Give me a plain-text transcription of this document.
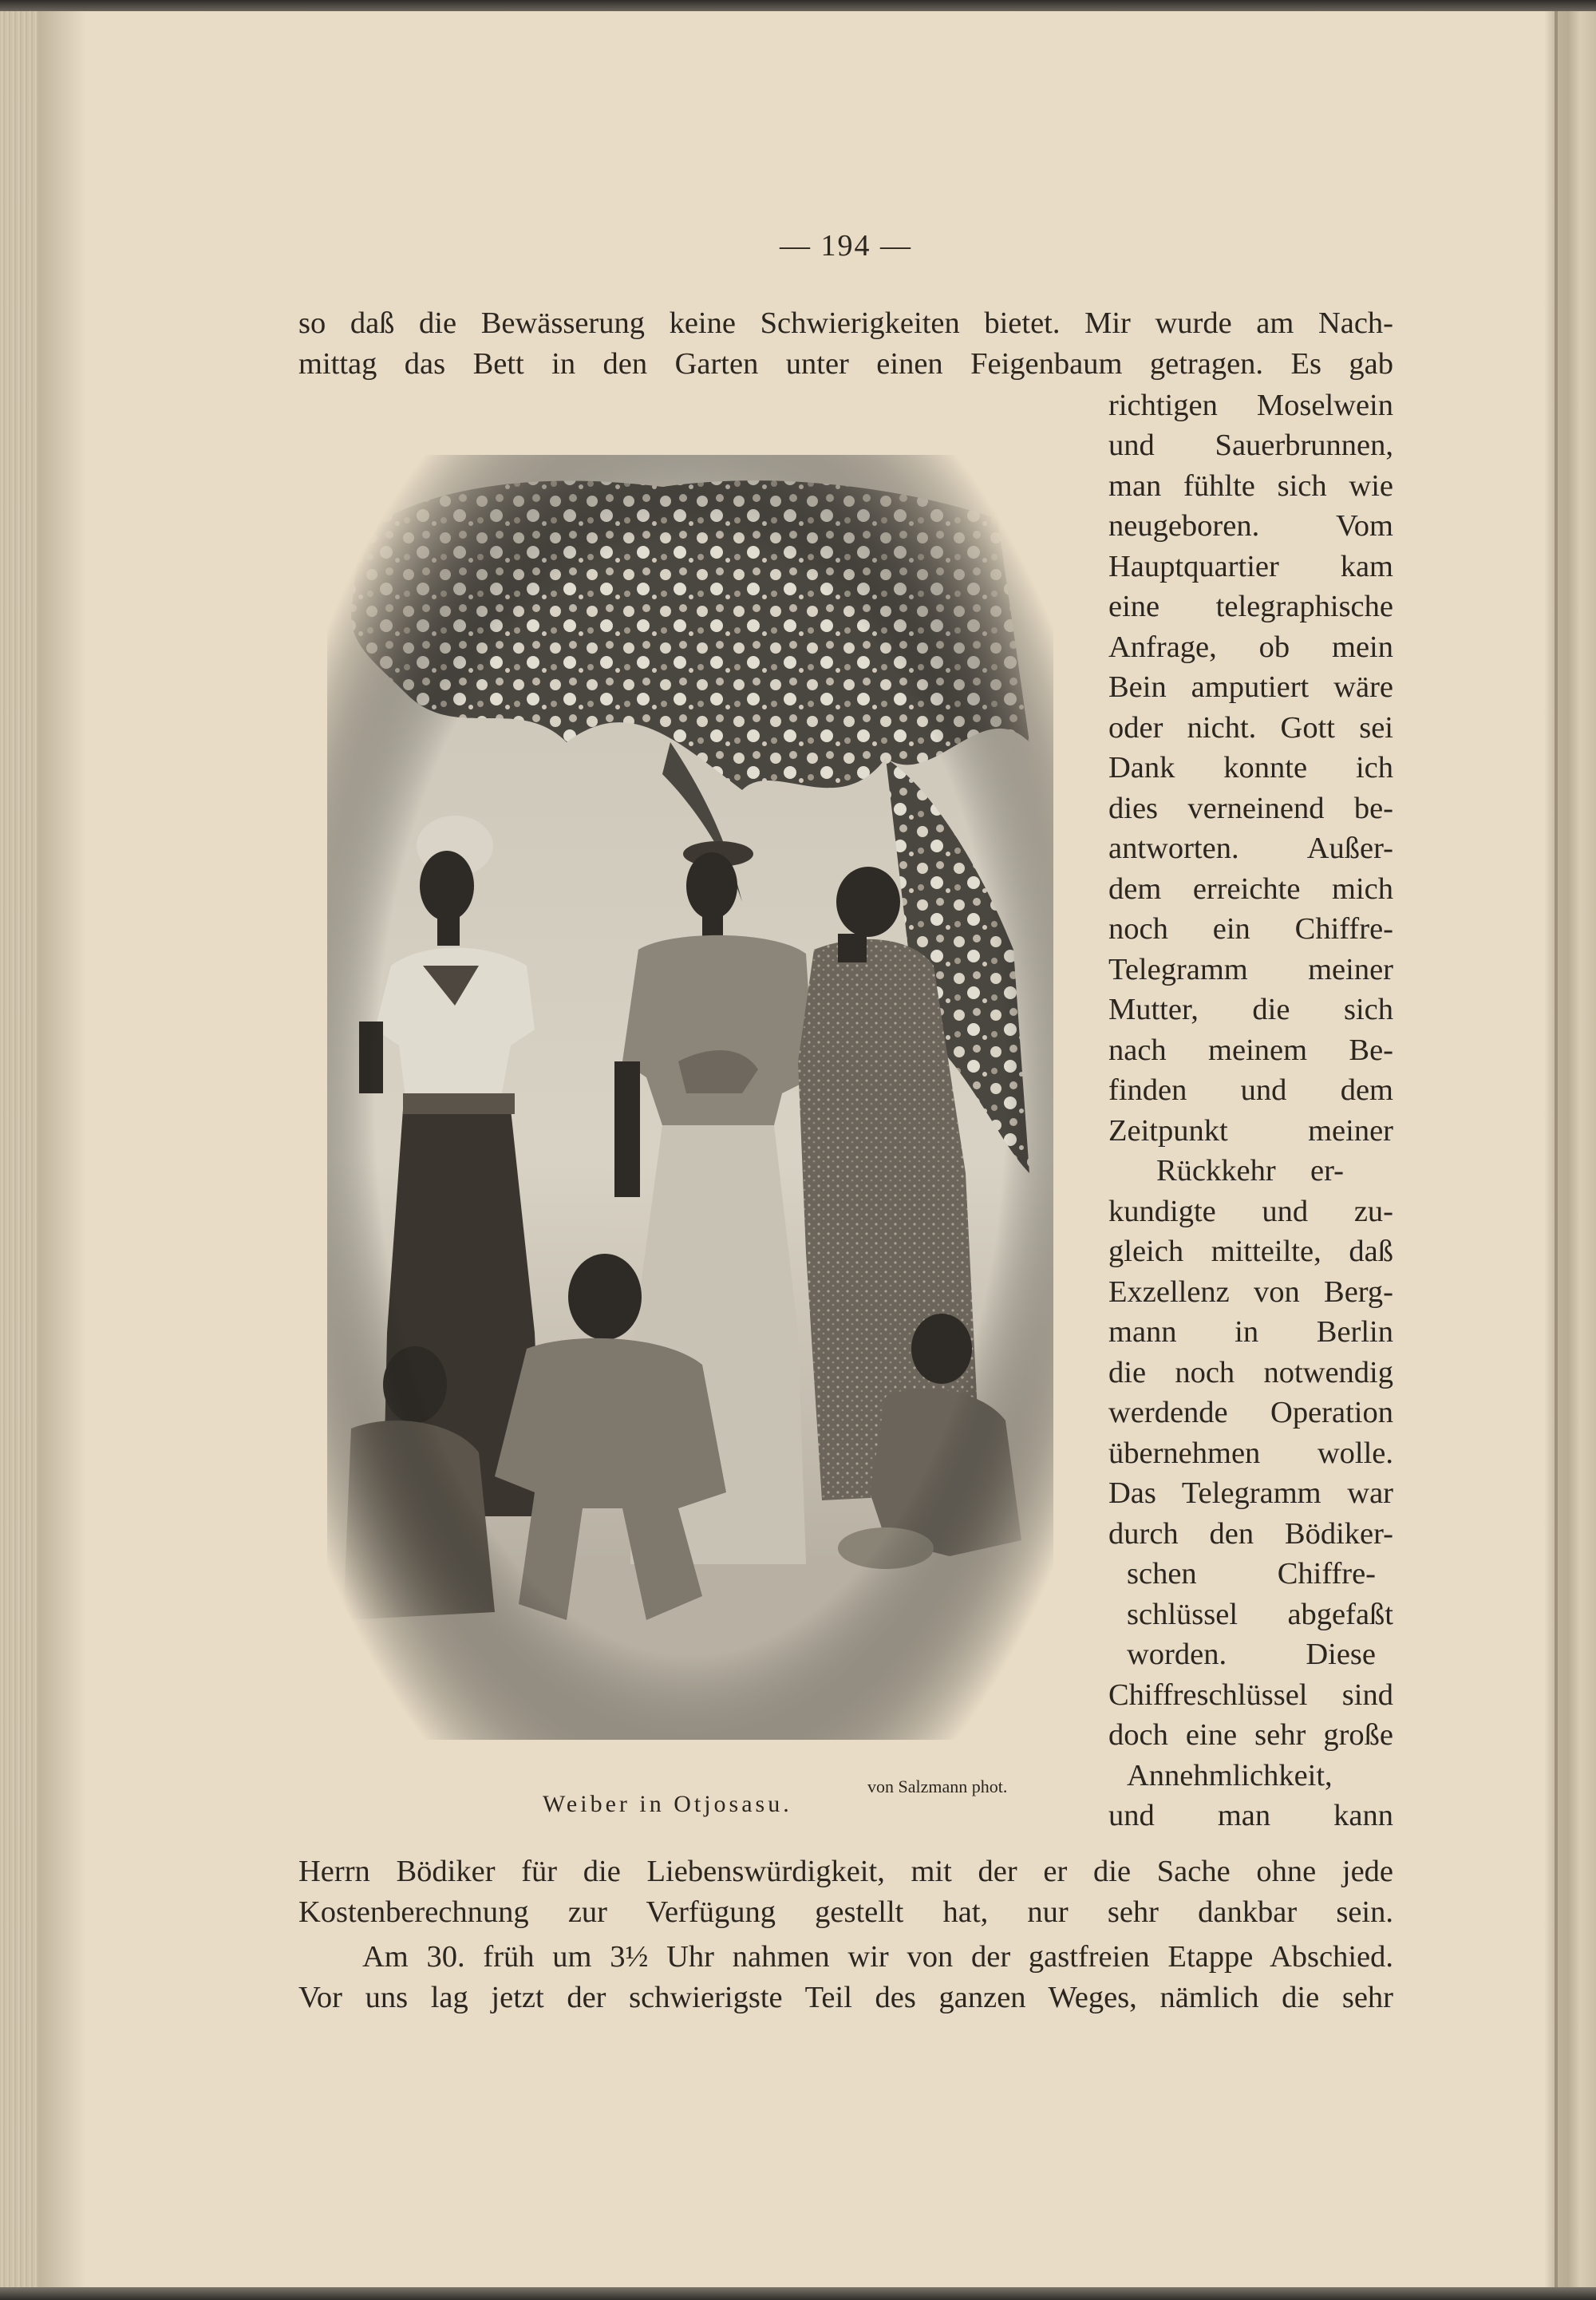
— 194 —
so daß die Bewässerung keine Schwierigkeiten bietet. Mir wurde am Nach-
mittag das Bett in den Garten unter einen Feigenbaum getragen. Es gab
richtigen Moselwein
und Sauerbrunnen,
man fühlte sich wie
neugeboren. Vom
Hauptquartier kam
eine telegraphische
Anfrage, ob mein
Bein amputiert wäre
oder nicht. Gott sei
Dank konnte ich
dies verneinend be-
antworten. Außer-
dem erreichte mich
noch ein Chiffre-
Telegramm meiner
Mutter, die sich
nach meinem Be-
finden und dem
Zeitpunkt meiner
Rückkehr er-
kundigte und zu-
gleich mitteilte, daß
Exzellenz von Berg-
mann in Berlin
die noch notwendig
werdende Operation
übernehmen wolle.
Das Telegramm war
durch den Bödiker-
schen Chiffre-
schlüssel abgefaßt
worden. Diese
Chiffreschlüssel sind
doch eine sehr große
Annehmlichkeit,
und man kann
Herrn Bödiker für die Liebenswürdigkeit, mit der er die Sache ohne jede
Kostenberechnung zur Verfügung gestellt hat, nur sehr dankbar sein.
Am 30. früh um 3½ Uhr nahmen wir von der gastfreien Etappe Abschied.
Vor uns lag jetzt der schwierigste Teil des ganzen Weges, nämlich die sehr
Weiber in Otjosasu.
von Salzmann phot.
